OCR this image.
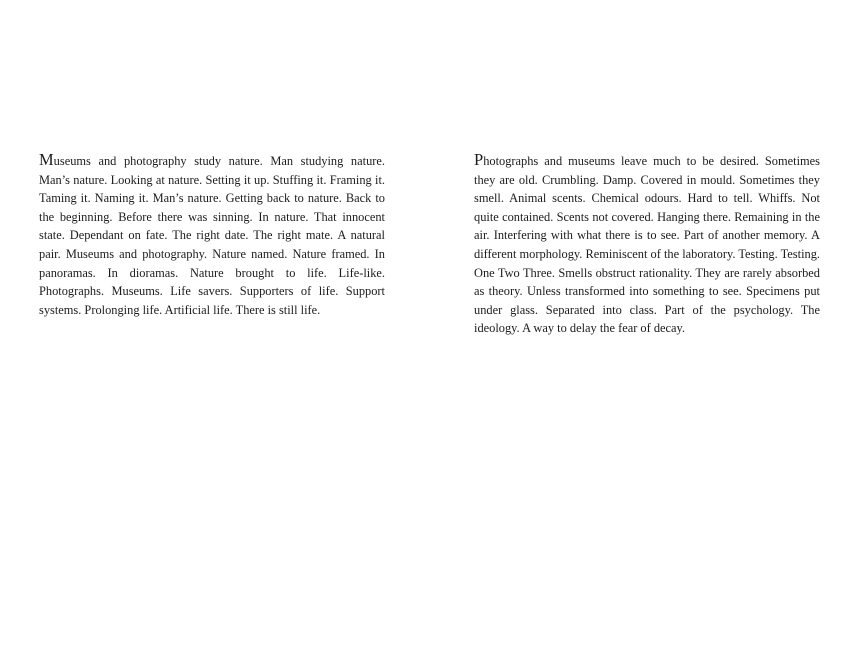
Museums and photography study nature. Man studying nature. Man’s nature. Looking at nature. Setting it up. Stuffing it. Framing it. Taming it. Naming it. Man’s nature. Getting back to nature. Back to the beginning. Before there was sinning. In nature. That innocent state. Dependant on fate. The right date. The right mate. A natural pair. Museums and photography. Nature named. Nature framed. In panoramas. In dioramas. Nature brought to life. Life-like. Photographs. Museums. Life savers. Supporters of life. Support systems. Prolonging life. Artificial life. There is still life.

Photographs and museums leave much to be desired. Sometimes they are old. Crumbling. Damp. Covered in mould. Sometimes they smell. Animal scents. Chemical odours. Hard to tell. Whiffs. Not quite contained. Scents not covered. Hanging there. Remaining in the air. Interfering with what there is to see. Part of another memory. A different morphology. Reminiscent of the laboratory. Testing. Testing. One Two Three. Smells obstruct rationality. They are rarely absorbed as theory. Unless transformed into something to see. Specimens put under glass. Separated into class. Part of the psychology. The ideology. A way to delay the fear of decay.
